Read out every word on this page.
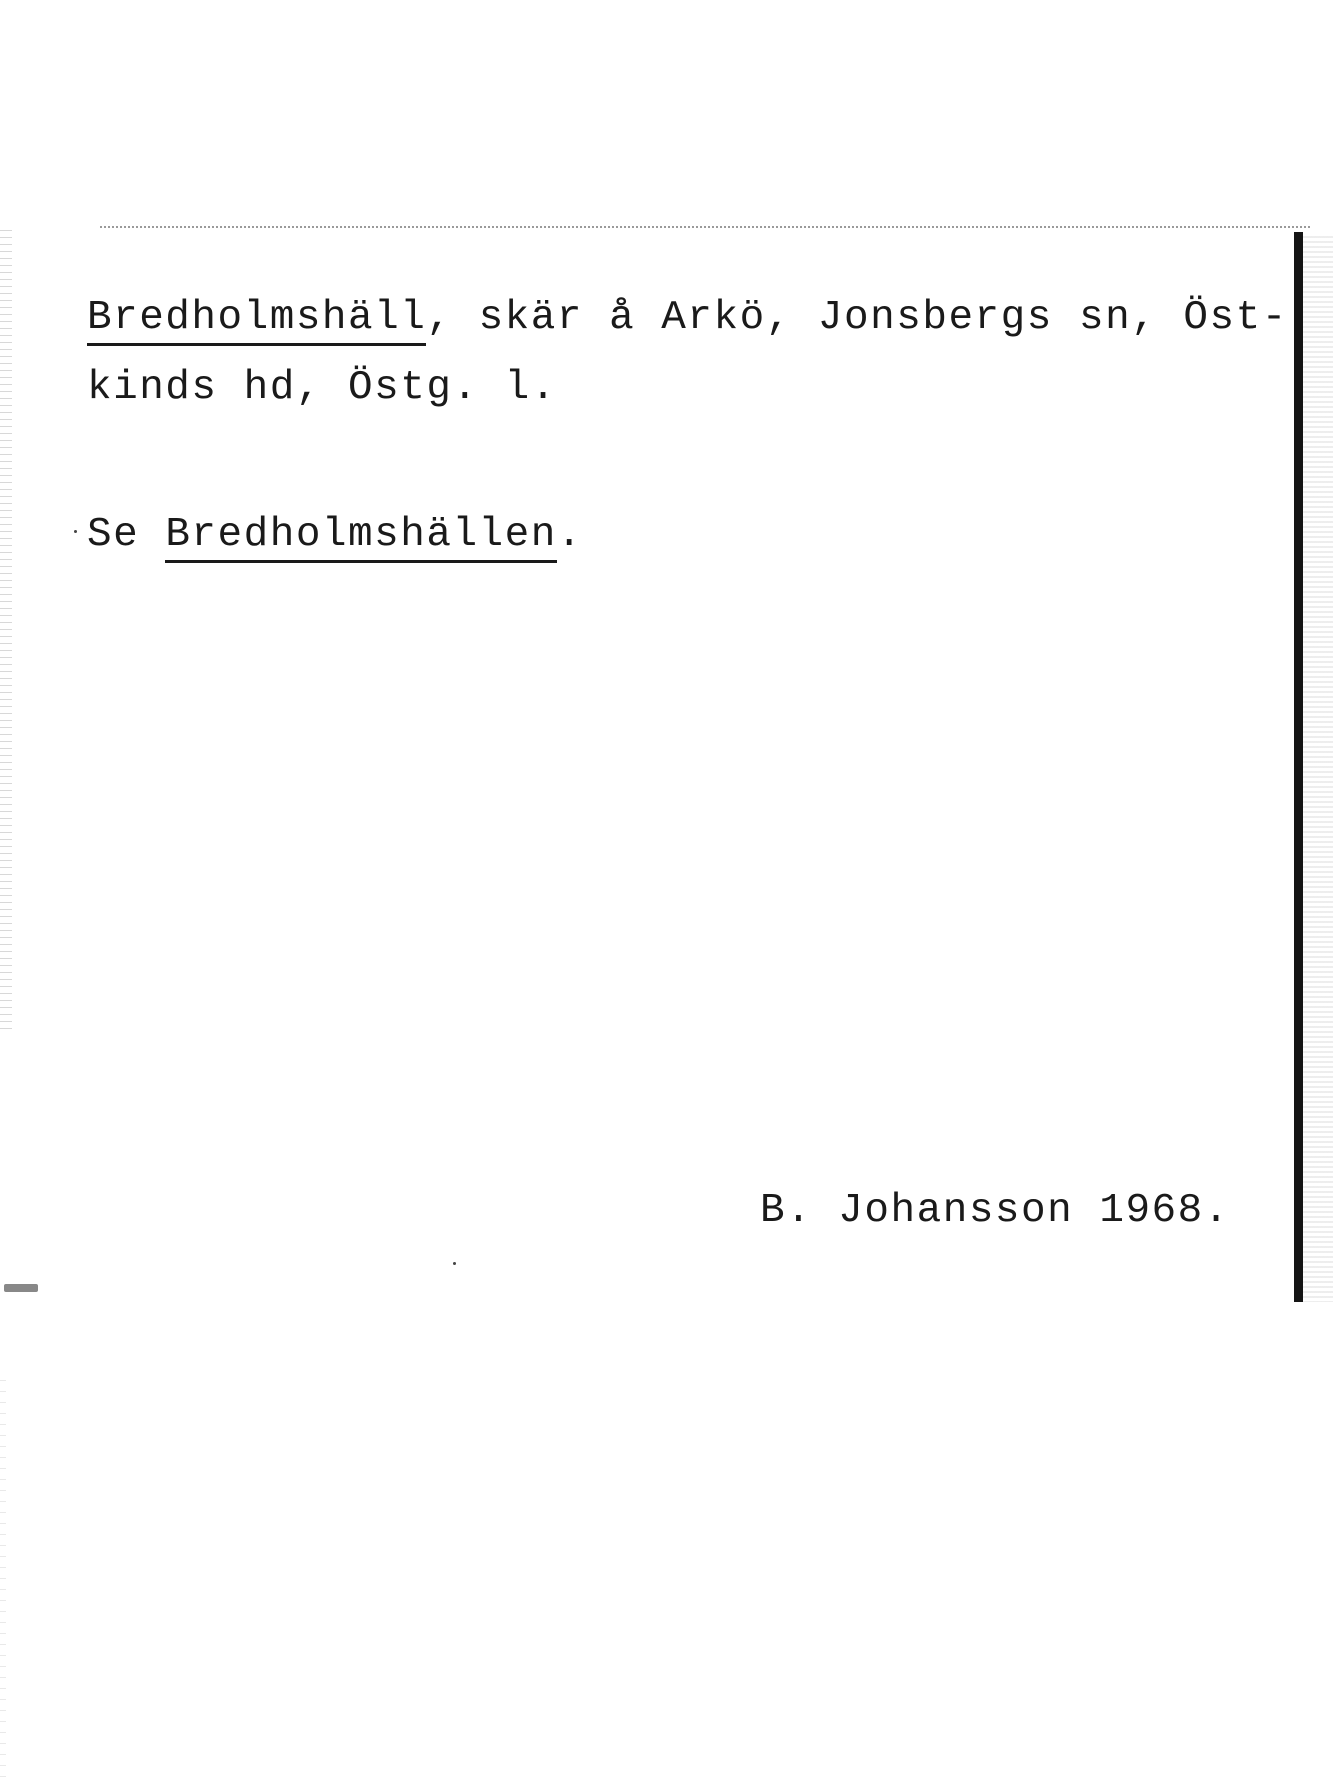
Bredholmshäll, skär å Arkö, Jonsbergs sn, Öst-
kinds hd, Östg. l.
Se Bredholmshällen.
B. Johansson 1968.
